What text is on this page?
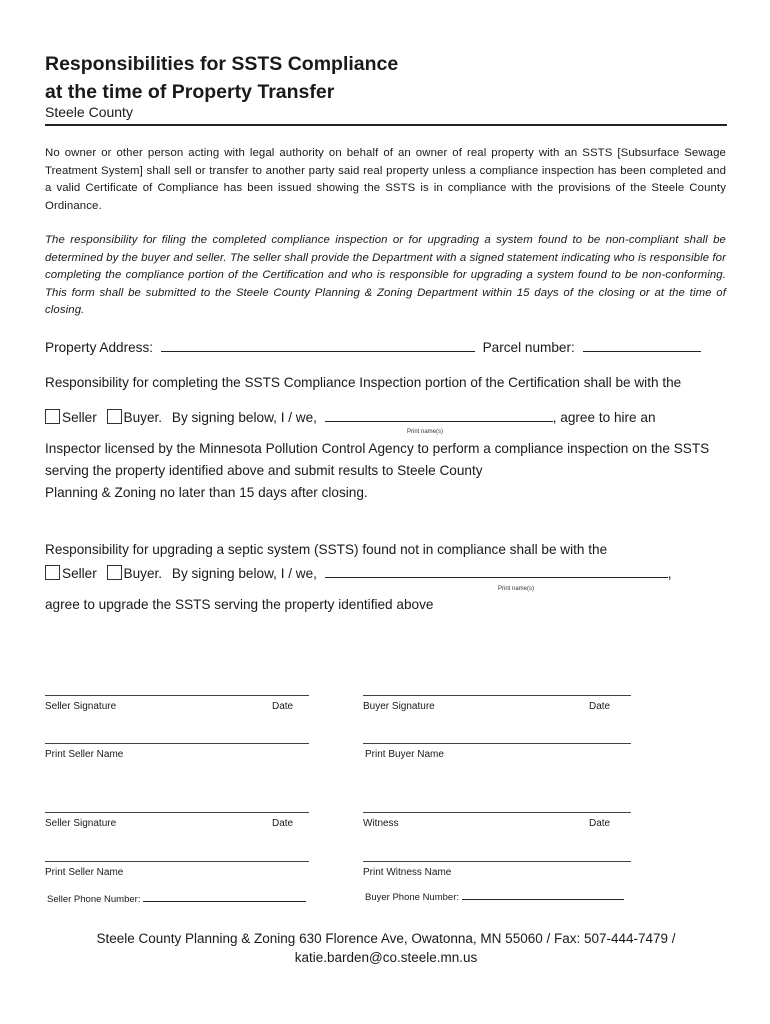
Responsibilities for SSTS Compliance
at the time of Property Transfer
Steele County
No owner or other person acting with legal authority on behalf of an owner of real property with an SSTS [Subsurface Sewage Treatment System] shall sell or transfer to another party said real property unless a compliance inspection has been completed and a valid Certificate of Compliance has been issued showing the SSTS is in compliance with the provisions of the Steele County Ordinance.
The responsibility for filing the completed compliance inspection or for upgrading a system found to be non-compliant shall be determined by the buyer and seller. The seller shall provide the Department with a signed statement indicating who is responsible for completing the compliance portion of the Certification and who is responsible for upgrading a system found to be non-conforming. This form shall be submitted to the Steele County Planning & Zoning Department within 15 days of the closing or at the time of closing.
Property Address:	Parcel number:
Responsibility for completing the SSTS Compliance Inspection portion of the Certification shall be with the
Seller Buyer. By signing below, I / we,	, agree to hire an
Print name(s)
Inspector licensed by the Minnesota Pollution Control Agency to perform a compliance inspection on the SSTS
serving the property identified above and submit results to Steele County
Planning & Zoning no later than 15 days after closing.
Responsibility for upgrading a septic system (SSTS) found not in compliance shall be with the
Seller Buyer. By signing below, I / we,	,
Print name(s)
agree to upgrade the SSTS serving the property identified above
Seller Signature	Date	Buyer Signature	Date
Print Seller Name	Print Buyer Name
Seller Signature	Date	Witness	Date
Print Seller Name	Print Witness Name
Seller Phone Number:	Buyer Phone Number:
Steele County Planning & Zoning 630 Florence Ave, Owatonna, MN 55060 / Fax: 507-444-7479 /
katie.barden@co.steele.mn.us
